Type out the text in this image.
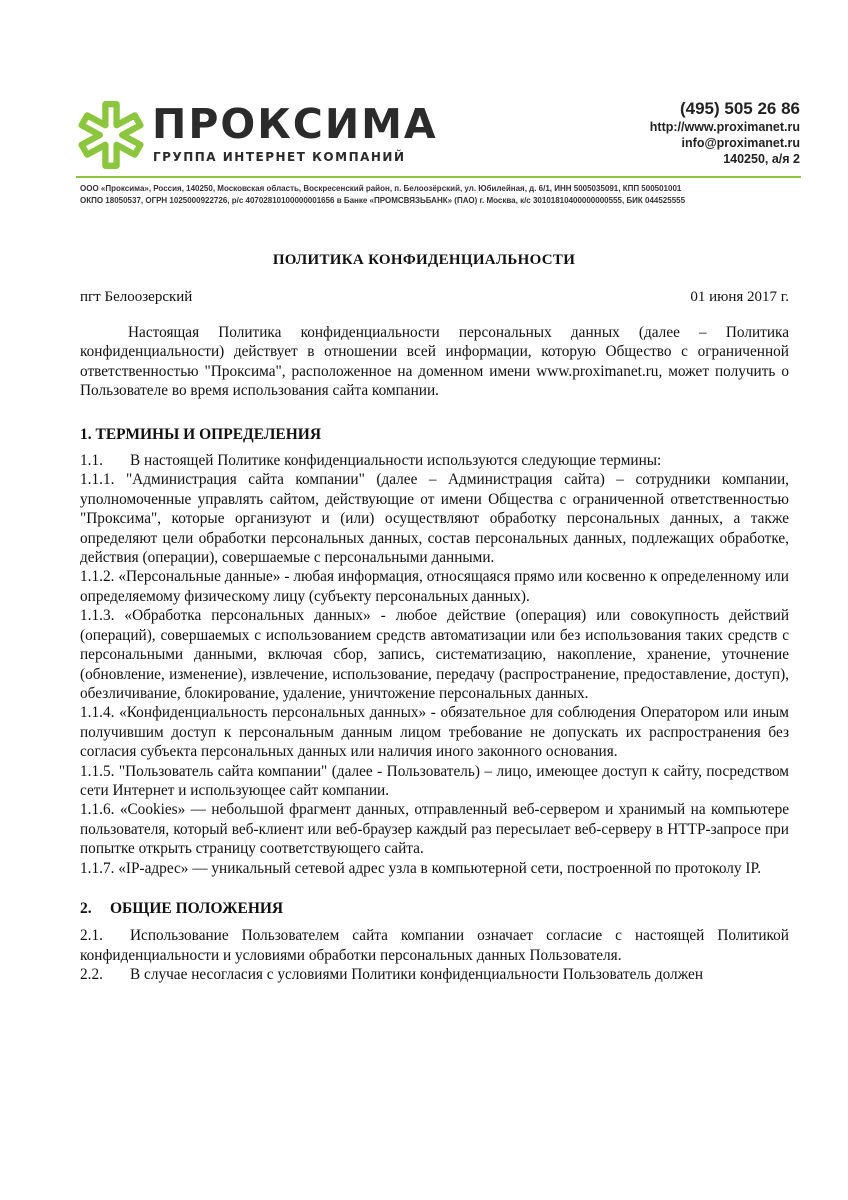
ПРОКСИМА
ГРУППА ИНТЕРНЕТ КОМПАНИЙ
(495) 505 26 86
http://www.proximanet.ru
info@proximanet.ru
140250, а/я 2
ООО «Проксима», Россия, 140250, Московская область, Воскресенский район, п. Белоозёрский, ул. Юбилейная, д. 6/1, ИНН 5005035091, КПП 500501001
ОКПО 18050537, ОГРН 1025000922726, р/с 40702810100000001656 в Банке «ПРОМСВЯЗЬБАНК» (ПАО) г. Москва, к/с 30101810400000000555, БИК 044525555
ПОЛИТИКА КОНФИДЕНЦИАЛЬНОСТИ
пгт Белоозерский	01 июня 2017 г.

Настоящая Политика конфиденциальности персональных данных (далее – Политика конфиденциальности) действует в отношении всей информации, которую Общество с ограниченной ответственностью "Проксима", расположенное на доменном имени www.proximanet.ru, может получить о Пользователе во время использования сайта компании.

1. ТЕРМИНЫ И ОПРЕДЕЛЕНИЯ

1.1. В настоящей Политике конфиденциальности используются следующие термины:

1.1.1. "Администрация сайта компании" (далее – Администрация сайта) – сотрудники компании, уполномоченные управлять сайтом, действующие от имени Общества с ограниченной ответственностью "Проксима", которые организуют и (или) осуществляют обработку персональных данных, а также определяют цели обработки персональных данных, состав персональных данных, подлежащих обработке, действия (операции), совершаемые с персональными данными.

1.1.2. «Персональные данные» - любая информация, относящаяся прямо или косвенно к определенному или определяемому физическому лицу (субъекту персональных данных).

1.1.3. «Обработка персональных данных» - любое действие (операция) или совокупность действий (операций), совершаемых с использованием средств автоматизации или без использования таких средств с персональными данными, включая сбор, запись, систематизацию, накопление, хранение, уточнение (обновление, изменение), извлечение, использование, передачу (распространение, предоставление, доступ), обезличивание, блокирование, удаление, уничтожение персональных данных.

1.1.4. «Конфиденциальность персональных данных» - обязательное для соблюдения Оператором или иным получившим доступ к персональным данным лицом требование не допускать их распространения без согласия субъекта персональных данных или наличия иного законного основания.

1.1.5. "Пользователь сайта компании" (далее - Пользователь) – лицо, имеющее доступ к сайту, посредством сети Интернет и использующее сайт компании.

1.1.6. «Cookies» — небольшой фрагмент данных, отправленный веб-сервером и хранимый на компьютере пользователя, который веб-клиент или веб-браузер каждый раз пересылает веб-серверу в HTTP-запросе при попытке открыть страницу соответствующего сайта.

1.1.7. «IP-адрес» — уникальный сетевой адрес узла в компьютерной сети, построенной по протоколу IP.

2. ОБЩИЕ ПОЛОЖЕНИЯ

2.1. Использование Пользователем сайта компании означает согласие с настоящей Политикой конфиденциальности и условиями обработки персональных данных Пользователя.

2.2. В случае несогласия с условиями Политики конфиденциальности Пользователь должен
